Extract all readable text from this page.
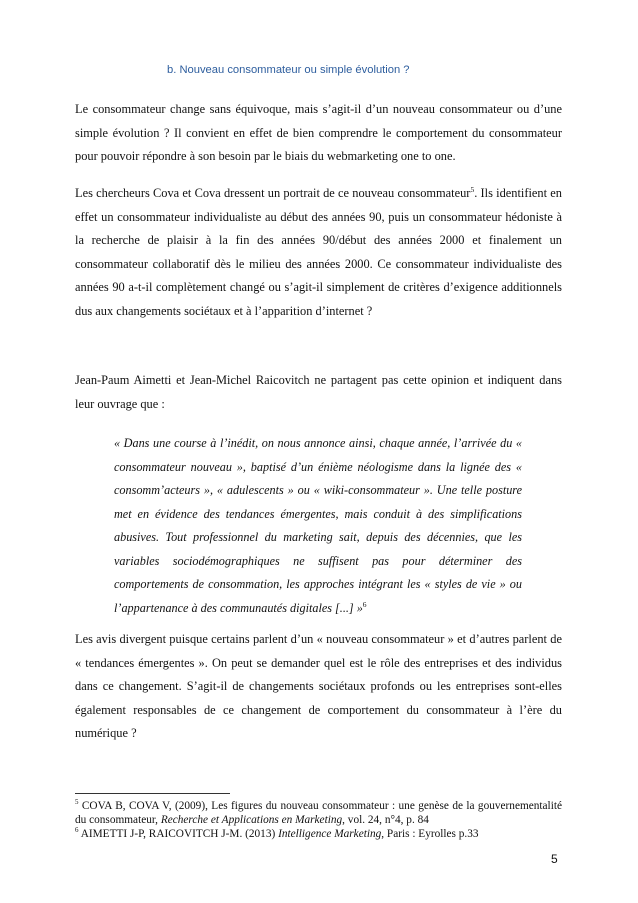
b. Nouveau consommateur ou simple évolution ?
Le consommateur change sans équivoque, mais s’agit-il d’un nouveau consommateur ou d’une simple évolution ? Il convient en effet de bien comprendre le comportement du consommateur pour pouvoir répondre à son besoin par le biais du webmarketing one to one.
Les chercheurs Cova et Cova dressent un portrait de ce nouveau consommateur$^5$. Ils identifient en effet un consommateur individualiste au début des années 90, puis un consommateur hédoniste à la recherche de plaisir à la fin des années 90/début des années 2000 et finalement un consommateur collaboratif dès le milieu des années 2000. Ce consommateur individualiste des années 90 a-t-il complètement changé ou s’agit-il simplement de critères d’exigence additionnels dus aux changements sociétaux et à l’apparition d’internet ?
Jean-Paum Aimetti et Jean-Michel Raicovitch ne partagent pas cette opinion et indiquent dans leur ouvrage que :
« Dans une course à l’inédit, on nous annonce ainsi, chaque année, l’arrivée du « consommateur nouveau », baptisé d’un énième néologisme dans la lignée des « consomm’acteurs », « adulescents » ou « wiki-consommateur ». Une telle posture met en évidence des tendances émergentes, mais conduit à des simplifications abusives. Tout professionnel du marketing sait, depuis des décennies, que les variables sociodémographiques ne suffisent pas pour déterminer des comportements de consommation, les approches intégrant les « styles de vie » ou l’appartenance à des communautés digitales [...] »$^6$
Les avis divergent puisque certains parlent d’un « nouveau consommateur » et d’autres parlent de « tendances émergentes ». On peut se demander quel est le rôle des entreprises et des individus dans ce changement. S’agit-il de changements sociétaux profonds ou les entreprises sont-elles également responsables de ce changement de comportement du consommateur à l’ère du numérique ?
$^5$ COVA B, COVA V, (2009), Les figures du nouveau consommateur : une genèse de la gouvernementalité du consommateur, Recherche et Applications en Marketing, vol. 24, n°4, p. 84
$^6$ AIMETTI J-P, RAICOVITCH J-M. (2013) Intelligence Marketing, Paris : Eyrolles p.33
5
